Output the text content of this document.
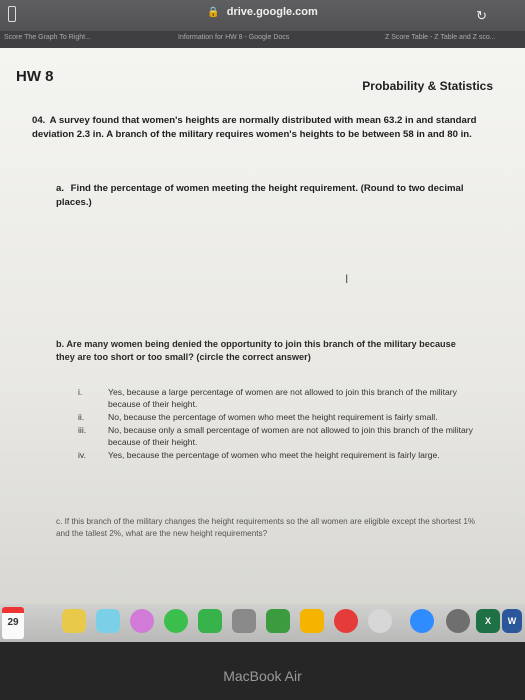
🔒 drive.google.com	↻
Score The Graph To Right...	Information for HW 8 - Google Docs	Z Score Table - Z Table and Z sco...
HW 8
Probability & Statistics
04. A survey found that women's heights are normally distributed with mean 63.2 in and standard deviation 2.3 in. A branch of the military requires women's heights to be between 58 in and 80 in.
a. Find the percentage of women meeting the height requirement. (Round to two decimal places.)
I
b. Are many women being denied the opportunity to join this branch of the military because they are too short or too small? (circle the correct answer)
i.	Yes, because a large percentage of women are not allowed to join this branch of the military because of their height.
ii.	No, because the percentage of women who meet the height requirement is fairly small.
iii.	No, because only a small percentage of women are not allowed to join this branch of the military because of their height.
iv.	Yes, because the percentage of women who meet the height requirement is fairly large.
c. If this branch of the military changes the height requirements so the all women are eligible except the shortest 1% and the tallest 2%, what are the new height requirements?
29	X	W
MacBook Air
